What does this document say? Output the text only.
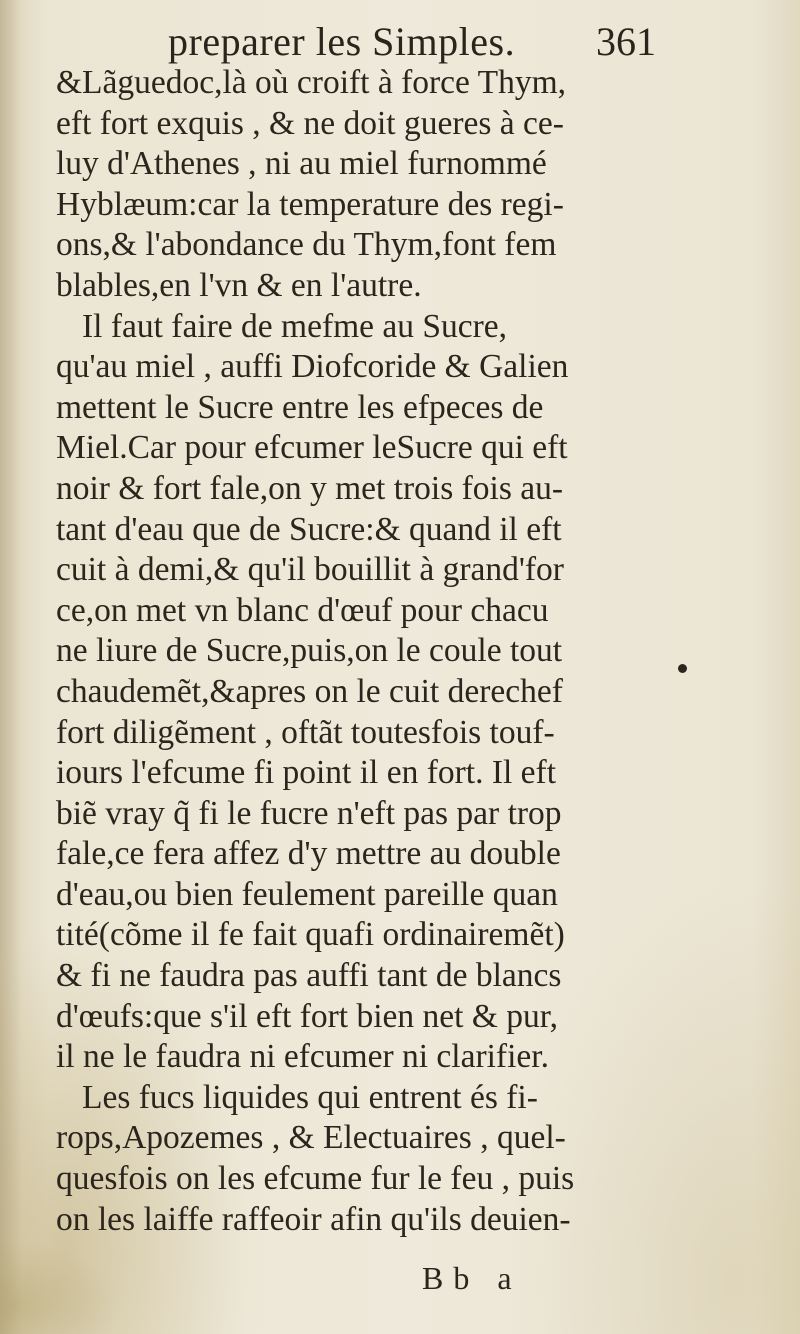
preparer les Simples. 361
&Lãguedoc,là où croift à force Thym,
eft fort exquis , & ne doit gueres à ce-
luy d'Athenes , ni au miel furnommé
Hyblæum:car la temperature des regi-
ons,& l'abondance du Thym,font fem
blables,en l'vn & en l'autre.
Il faut faire de mefme au Sucre,
qu'au miel , auffi Diofcoride & Galien
mettent le Sucre entre les efpeces de
Miel.Car pour efcumer leSucre qui eft
noir & fort fale,on y met trois fois au-
tant d'eau que de Sucre:& quand il eft
cuit à demi,& qu'il bouillit à grand'for
ce,on met vn blanc d'œuf pour chacu
ne liure de Sucre,puis,on le coule tout
chaudemẽt,&apres on le cuit derechef
fort diligẽment , oftãt toutesfois touf-
iours l'efcume fi point il en fort. Il eft
biẽ vray q̃ fi le fucre n'eft pas par trop
fale,ce fera affez d'y mettre au double
d'eau,ou bien feulement pareille quan
tité(cõme il fe fait quafi ordinairemẽt)
& fi ne faudra pas auffi tant de blancs
d'œufs:que s'il eft fort bien net & pur,
il ne le faudra ni efcumer ni clarifier.
Les fucs liquides qui entrent és fi-
rops,Apozemes , & Electuaires , quel-
quesfois on les efcume fur le feu , puis
on les laiffe raffeoir afin qu'ils deuien-
Bb a
